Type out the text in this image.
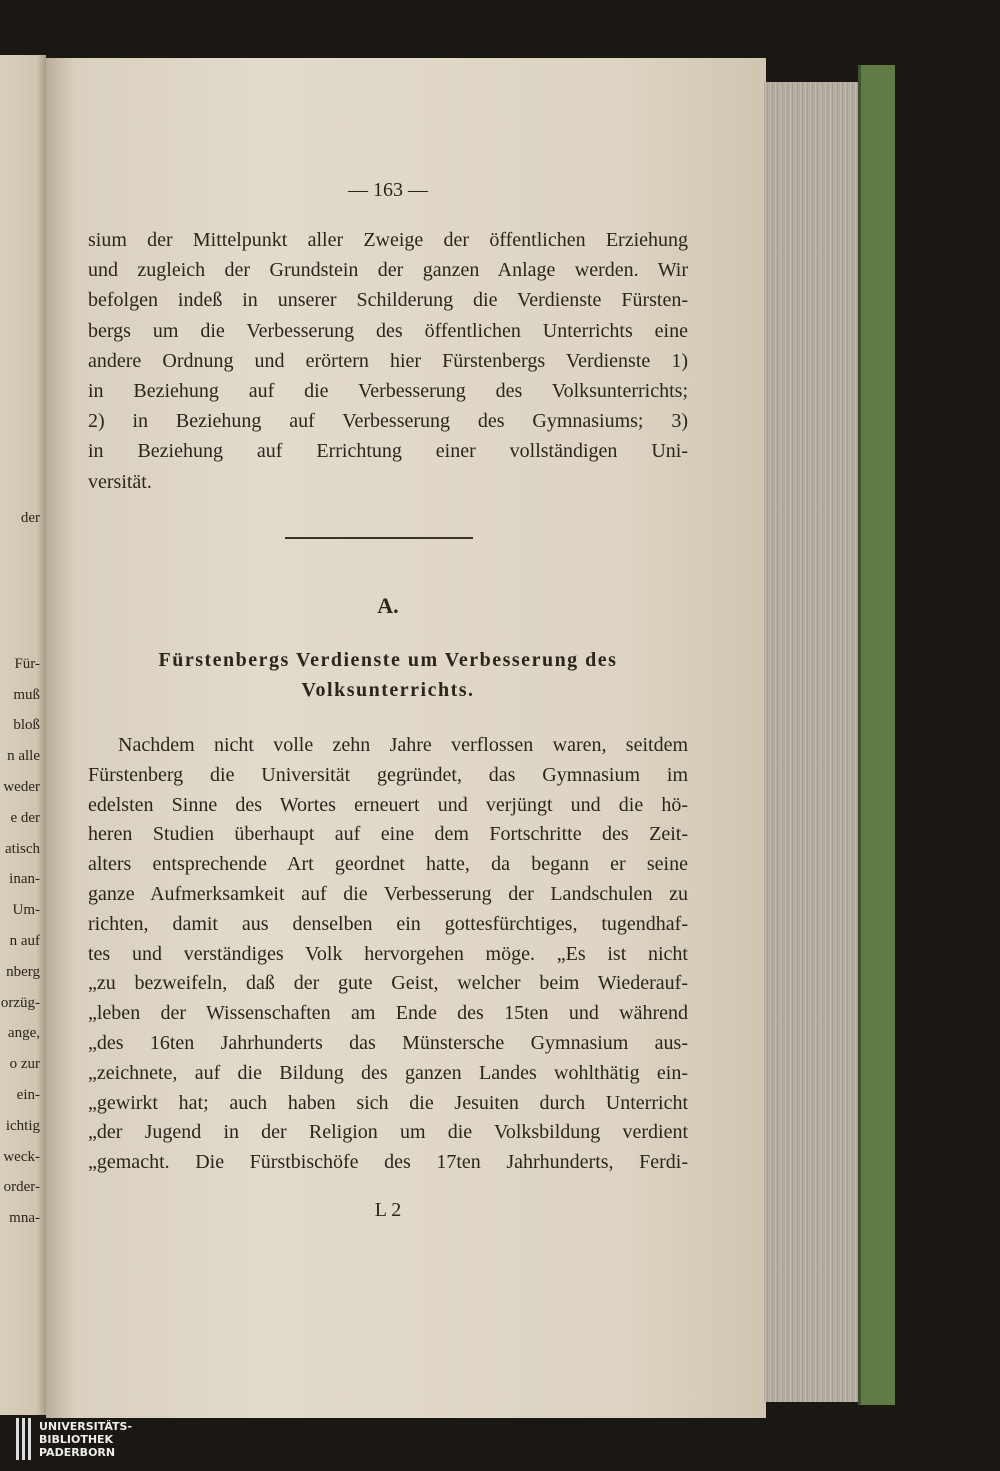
der
Für-
muß
bloß
n alle
weder
e der
atisch
inan-
Um-
n auf
nberg
orzüg-
ange,
o zur
ein-
ichtig
weck-
order-
mna-
— 163 —
A.
Fürstenbergs Verdienste um Verbesserung des
Volksunterrichts.
L 2
UNIVERSITÄTS-
BIBLIOTHEK
PADERBORN
sium der Mittelpunkt aller Zweige der öffentlichen Erziehung
und zugleich der Grundstein der ganzen Anlage werden. Wir
befolgen indeß in unserer Schilderung die Verdienste Fürsten-
bergs um die Verbesserung des öffentlichen Unterrichts eine
andere Ordnung und erörtern hier Fürstenbergs Verdienste 1)
in Beziehung auf die Verbesserung des Volksunterrichts;
2) in Beziehung auf Verbesserung des Gymnasiums; 3)
in Beziehung auf Errichtung einer vollständigen Uni-
versität.
Nachdem nicht volle zehn Jahre verflossen waren, seitdem
Fürstenberg die Universität gegründet, das Gymnasium im
edelsten Sinne des Wortes erneuert und verjüngt und die hö-
heren Studien überhaupt auf eine dem Fortschritte des Zeit-
alters entsprechende Art geordnet hatte, da begann er seine
ganze Aufmerksamkeit auf die Verbesserung der Landschulen zu
richten, damit aus denselben ein gottesfürchtiges, tugendhaf-
tes und verständiges Volk hervorgehen möge. „Es ist nicht
„zu bezweifeln, daß der gute Geist, welcher beim Wiederauf-
„leben der Wissenschaften am Ende des 15ten und während
„des 16ten Jahrhunderts das Münstersche Gymnasium aus-
„zeichnete, auf die Bildung des ganzen Landes wohlthätig ein-
„gewirkt hat; auch haben sich die Jesuiten durch Unterricht
„der Jugend in der Religion um die Volksbildung verdient
„gemacht. Die Fürstbischöfe des 17ten Jahrhunderts, Ferdi-
